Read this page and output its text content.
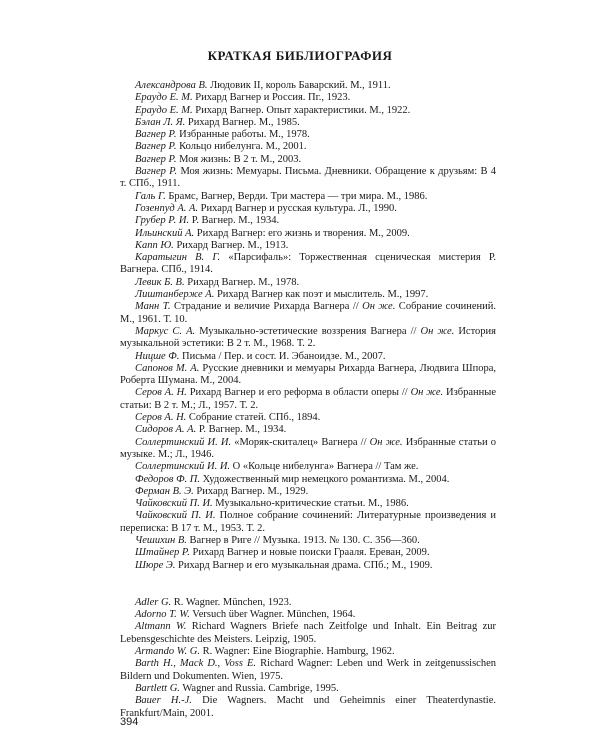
КРАТКАЯ БИБЛИОГРАФИЯ

Александрова В. Людовик II, король Баварский. М., 1911.

Ераудо Е. М. Рихард Вагнер и Россия. Пг., 1923.

Ераудо Е. М. Рихард Вагнер. Опыт характеристики. М., 1922.

Бэлан Л. Я. Рихард Вагнер. М., 1985.

Вагнер Р. Избранные работы. М., 1978.

Вагнер Р. Кольцо нибелунга. М., 2001.

Вагнер Р. Моя жизнь: В 2 т. М., 2003.

Вагнер Р. Моя жизнь: Мемуары. Письма. Дневники. Обращение к друзьям: В 4 т. СПб., 1911.

Галь Г. Брамс, Вагнер, Верди. Три мастера — три мира. М., 1986.

Гозенпуд А. А. Рихард Вагнер и русская культура. Л., 1990.

Грубер Р. И. Р. Вагнер. М., 1934.

Ильинский А. Рихард Вагнер: его жизнь и творения. М., 2009.

Капп Ю. Рихард Вагнер. М., 1913.

Каратыгин В. Г. «Парсифаль»: Торжественная сценическая мистерия Р. Вагнера. СПб., 1914.

Левик Б. В. Рихард Вагнер. М., 1978.

Лиштанберже А. Рихард Вагнер как поэт и мыслитель. М., 1997.

Манн Т. Страдание и величие Рихарда Вагнера // Он же. Собрание сочинений. М., 1961. Т. 10.

Маркус С. А. Музыкально-эстетические воззрения Вагнера // Он же. История музыкальной эстетики: В 2 т. М., 1968. Т. 2.

Ницше Ф. Письма / Пер. и сост. И. Эбаноидзе. М., 2007.

Сапонов М. А. Русские дневники и мемуары Рихарда Вагнера, Людвига Шпора, Роберта Шумана. М., 2004.

Серов А. Н. Рихард Вагнер и его реформа в области оперы // Он же. Избранные статьи: В 2 т. М.; Л., 1957. Т. 2.

Серов А. Н. Собрание статей. СПб., 1894.

Сидоров А. А. Р. Вагнер. М., 1934.

Соллертинский И. И. «Моряк-скиталец» Вагнера // Он же. Избранные статьи о музыке. М.; Л., 1946.

Соллертинский И. И. О «Кольце нибелунга» Вагнера // Там же.

Федоров Ф. П. Художественный мир немецкого романтизма. М., 2004.

Ферман В. Э. Рихард Вагнер. М., 1929.

Чайковский П. И. Музыкально-критические статьи. М., 1986.

Чайковский П. И. Полное собрание сочинений: Литературные произведения и переписка: В 17 т. М., 1953. Т. 2.

Чешихин В. Вагнер в Риге // Музыка. 1913. № 130. С. 356—360.

Штайнер Р. Рихард Вагнер и новые поиски Грааля. Ереван, 2009.

Шюре Э. Рихард Вагнер и его музыкальная драма. СПб.; М., 1909.

Adler G. R. Wagner. München, 1923.

Adorno T. W. Versuch über Wagner. München, 1964.

Altmann W. Richard Wagners Briefe nach Zeitfolge und Inhalt. Ein Beitrag zur Lebensgeschichte des Meisters. Leipzig, 1905.

Armando W. G. R. Wagner: Eine Biographie. Hamburg, 1962.

Barth H., Mack D., Voss E. Richard Wagner: Leben und Werk in zeitgenussischen Bildern und Dokumenten. Wien, 1975.

Bartlett G. Wagner and Russia. Cambrige, 1995.

Bauer H.-J. Die Wagners. Macht und Geheimnis einer Theaterdynastie. Frankfurt/Main, 2001.

394
